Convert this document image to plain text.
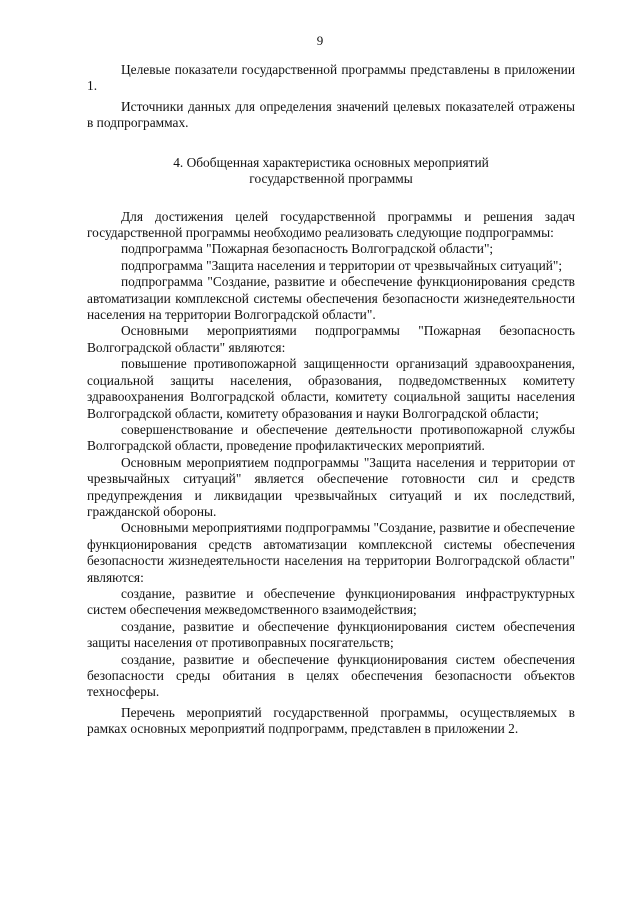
9

Целевые показатели государственной программы представлены в приложении 1.

Источники данных для определения значений целевых показателей отражены в подпрограммах.

4. Обобщенная характеристика основных мероприятий
государственной программы

Для достижения целей государственной программы и решения задач государственной программы необходимо реализовать следующие подпрограммы:

подпрограмма "Пожарная безопасность Волгоградской области";

подпрограмма "Защита населения и территории от чрезвычайных ситуаций";

подпрограмма "Создание, развитие и обеспечение функционирования средств автоматизации комплексной системы обеспечения безопасности жизнедеятельности населения на территории Волгоградской области".

Основными мероприятиями подпрограммы "Пожарная безопасность Волгоградской области" являются:

повышение противопожарной защищенности организаций здравоохранения, социальной защиты населения, образования, подведомственных комитету здравоохранения Волгоградской области, комитету социальной защиты населения Волгоградской области, комитету образования и науки Волгоградской области;

совершенствование и обеспечение деятельности противопожарной службы Волгоградской области, проведение профилактических мероприятий.

Основным мероприятием подпрограммы "Защита населения и территории от чрезвычайных ситуаций" является обеспечение готовности сил и средств предупреждения и ликвидации чрезвычайных ситуаций и их последствий, гражданской обороны.

Основными мероприятиями подпрограммы "Создание, развитие и обеспечение функционирования средств автоматизации комплексной системы обеспечения безопасности жизнедеятельности населения на территории Волгоградской области" являются:

создание, развитие и обеспечение функционирования инфраструктурных систем обеспечения межведомственного взаимодействия;

создание, развитие и обеспечение функционирования систем обеспечения защиты населения от противоправных посягательств;

создание, развитие и обеспечение функционирования систем обеспечения безопасности среды обитания в целях обеспечения безопасности объектов техносферы.

Перечень мероприятий государственной программы, осуществляемых в рамках основных мероприятий подпрограмм, представлен в приложении 2.
